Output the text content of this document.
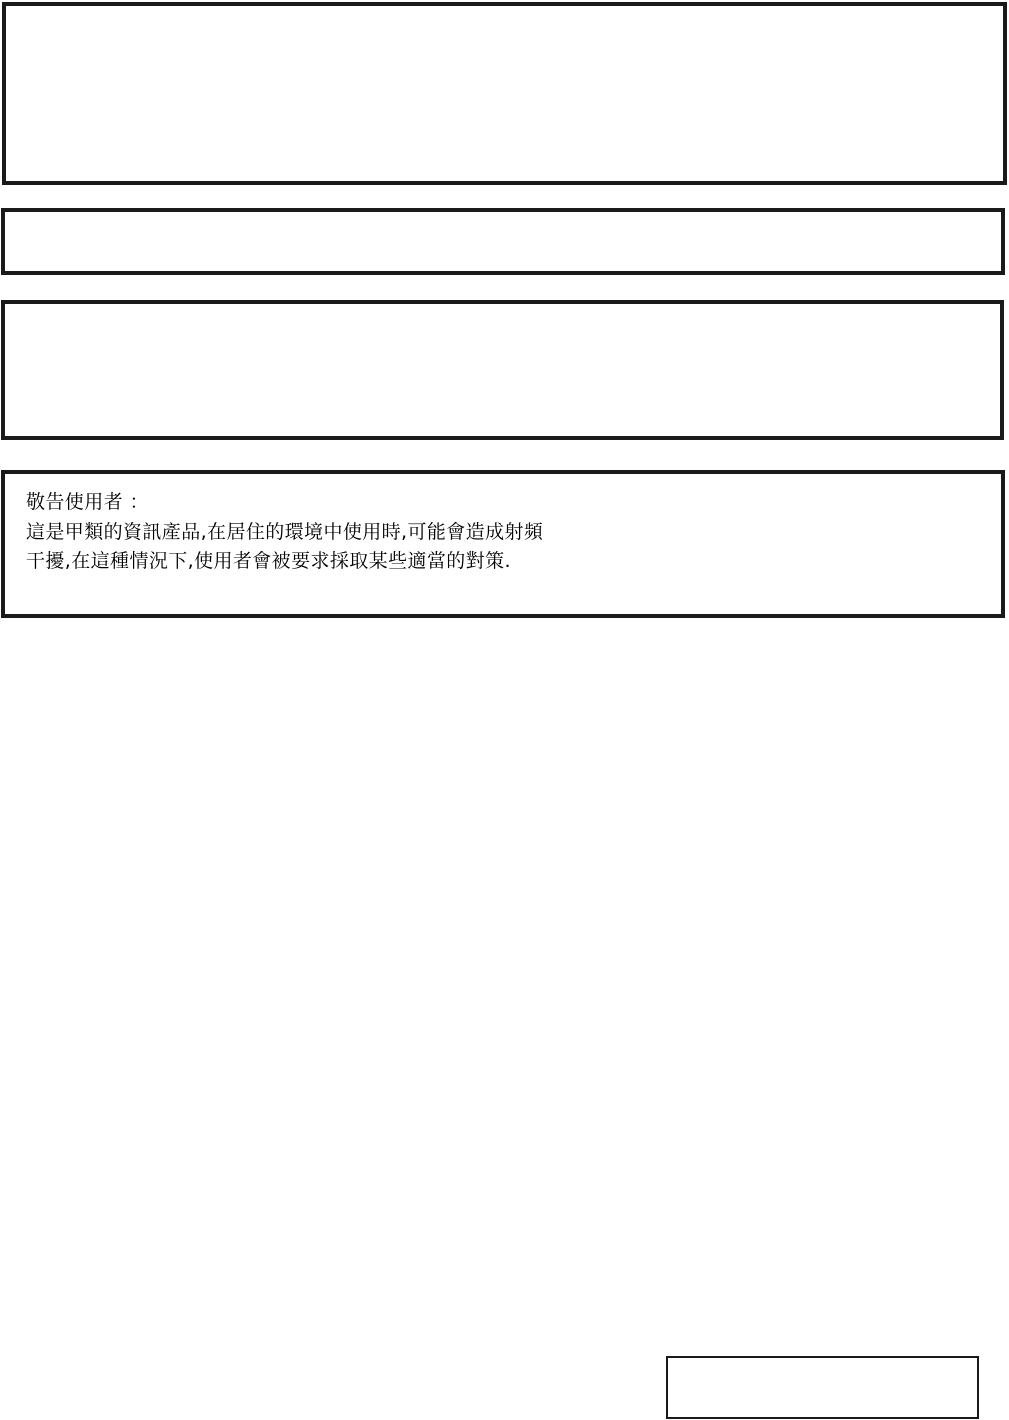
敬告使用者 ：
這是甲類的資訊產品,在居住的環境中使用時,可能會造成射頻
干擾,在這種情況下,使用者會被要求採取某些適當的對策.
